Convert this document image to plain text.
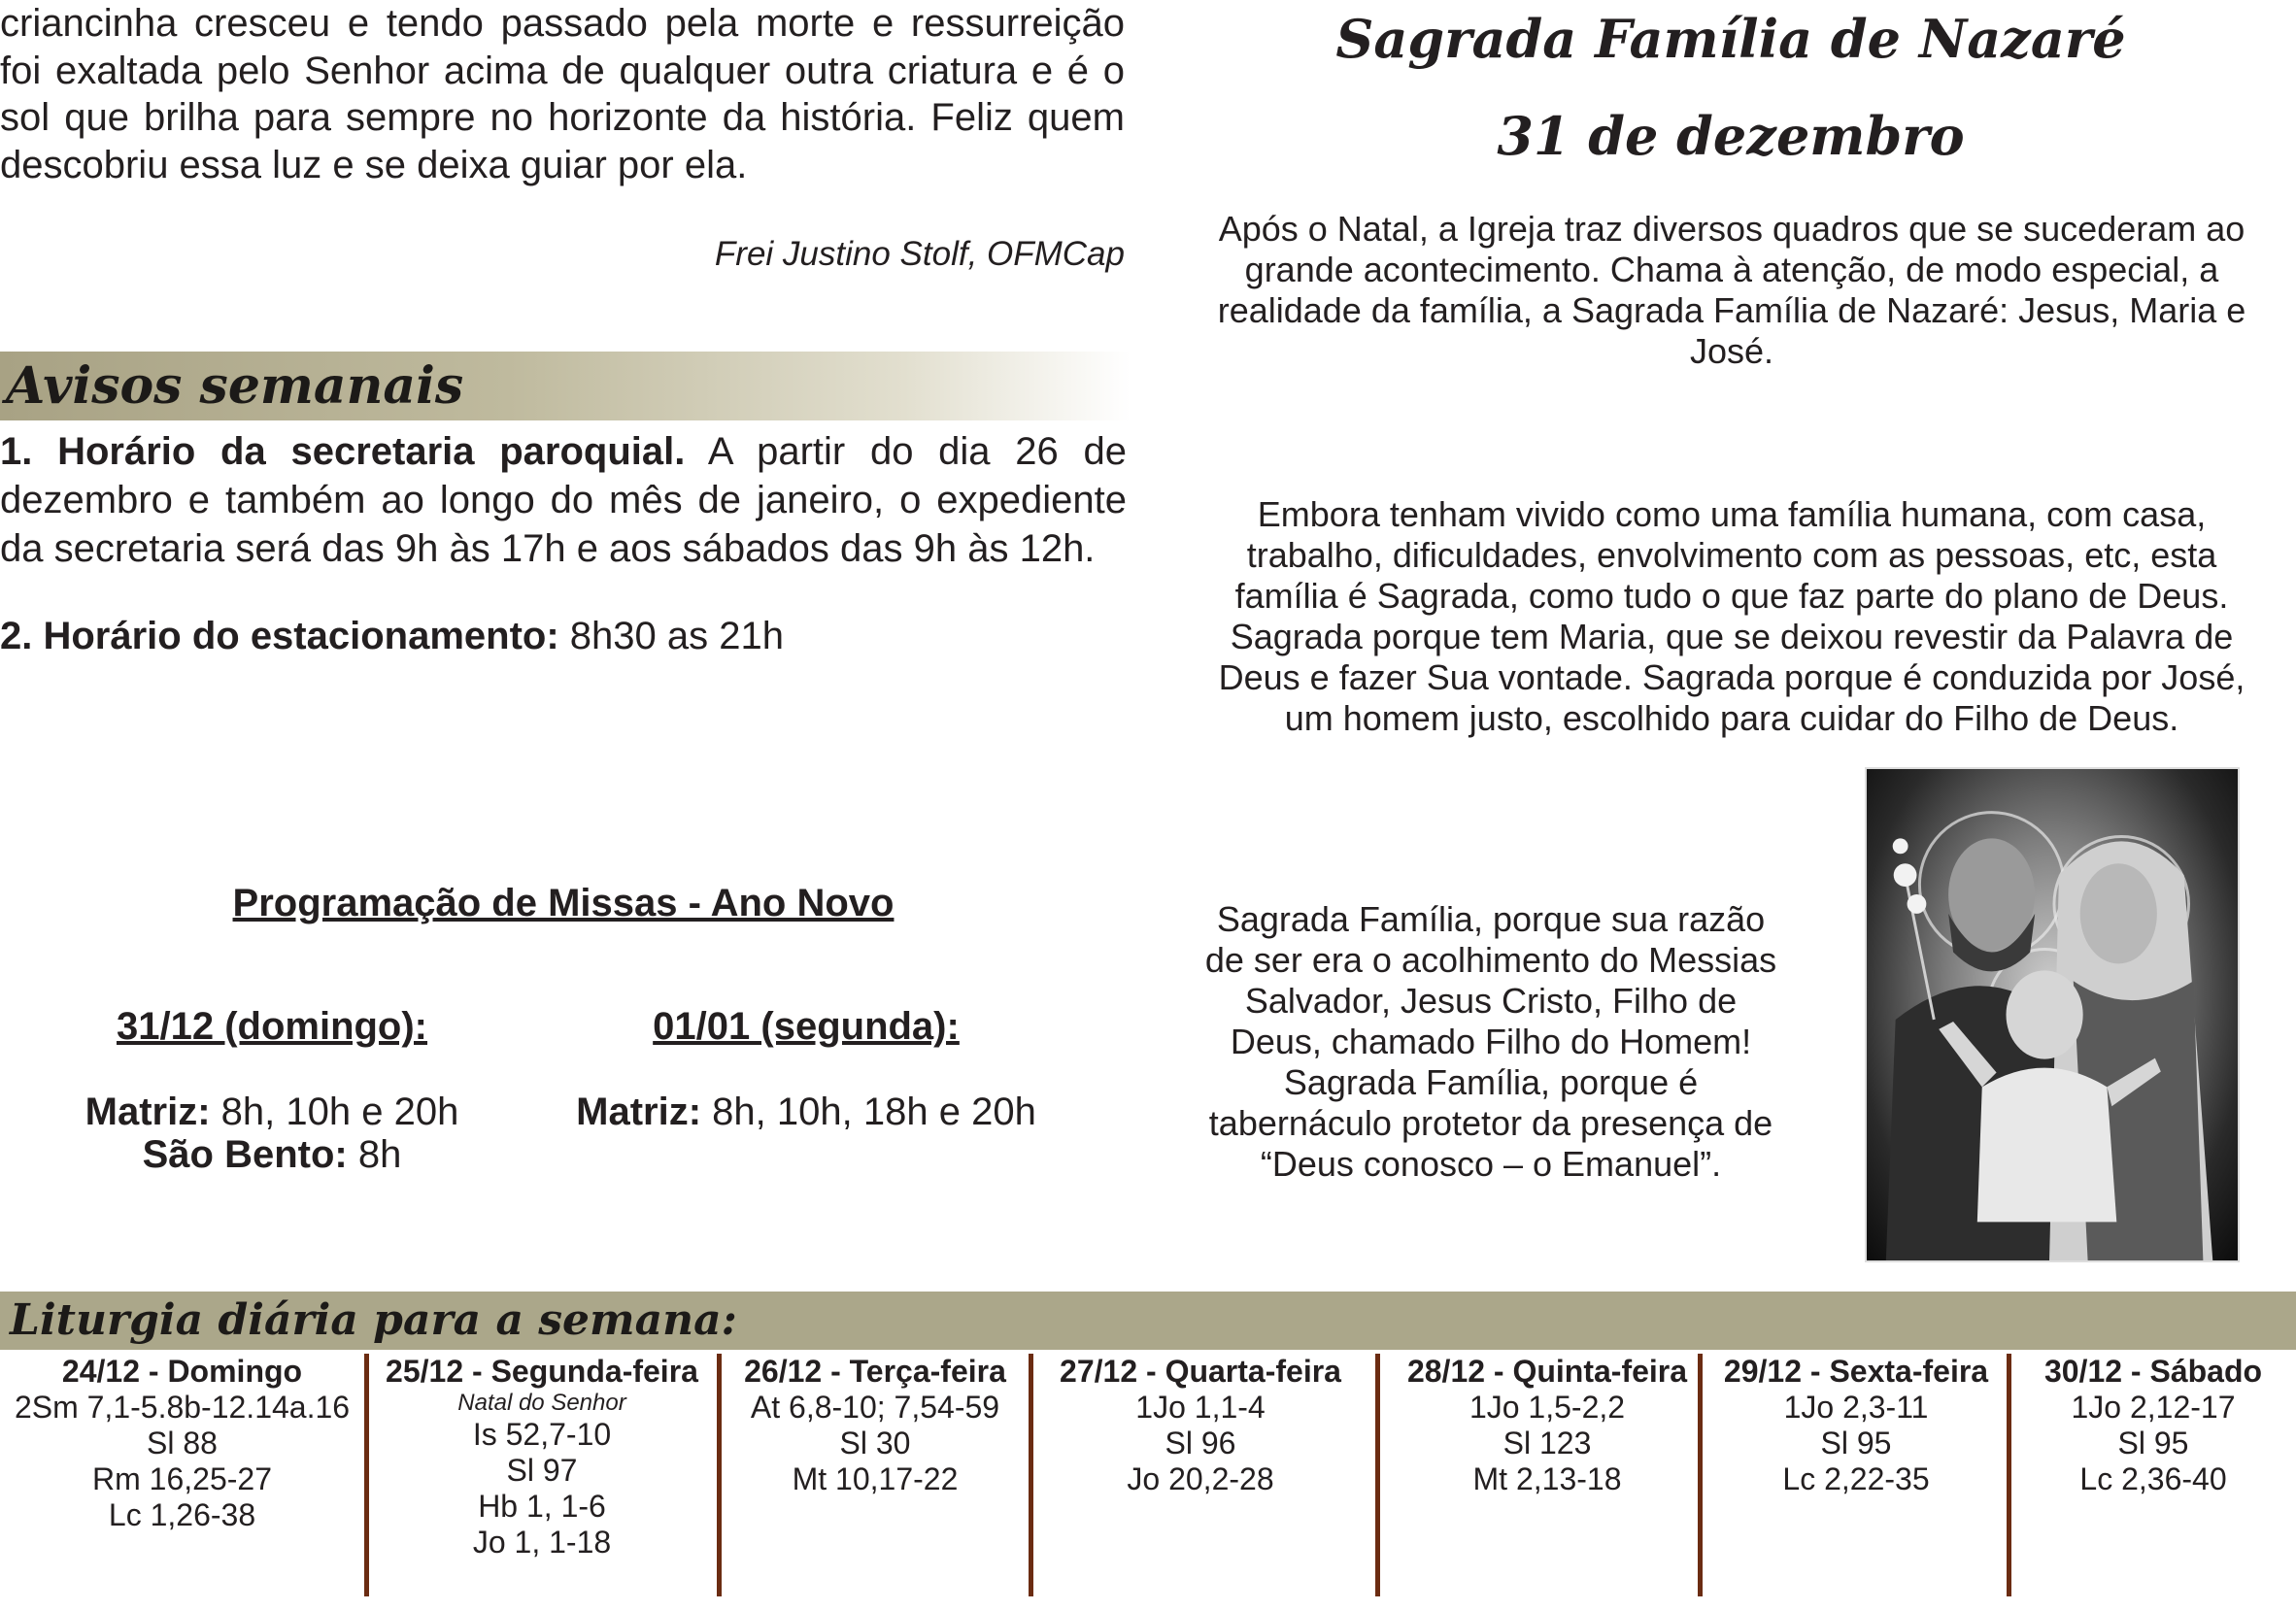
criancinha cresceu e tendo passado pela morte e ressurreição foi exaltada pelo Senhor acima de qualquer outra criatura e é o sol que brilha para sempre no horizonte da história. Feliz quem descobriu essa luz e se deixa guiar por ela.

Frei Justino Stolf, OFMCap

Avisos semanais

1. Horário da secretaria paroquial. A partir do dia 26 de dezembro e também ao longo do mês de janeiro, o expediente da secretaria será das 9h às 17h e aos sábados das 9h às 12h.

2. Horário do estacionamento: 8h30 as 21h

Programação de Missas - Ano Novo
31/12 (domingo):
Matriz: 8h, 10h e 20h
São Bento: 8h
01/01 (segunda):
Matriz: 8h, 10h, 18h e 20h
Sagrada Família de Nazaré
31 de dezembro

Após o Natal, a Igreja traz diversos quadros que se sucederam ao grande acontecimento. Chama à atenção, de modo especial, a realidade da família, a Sagrada Família de Nazaré: Jesus, Maria e José.

Embora tenham vivido como uma família humana, com casa, trabalho, dificuldades, envolvimento com as pessoas, etc, esta família é Sagrada, como tudo o que faz parte do plano de Deus. Sagrada porque tem Maria, que se deixou revestir da Palavra de Deus e fazer Sua vontade. Sagrada porque é conduzida por José, um homem justo, escolhido para cuidar do Filho de Deus.

Sagrada Família, porque sua razão de ser era o acolhimento do Messias Salvador, Jesus Cristo, Filho de Deus, chamado Filho do Homem! Sagrada Família, porque é tabernáculo protetor da presença de “Deus conosco – o Emanuel”.

Liturgia diária para a semana:
24/12 - Domingo
2Sm 7,1-5.8b-12.14a.16
Sl 88
Rm 16,25-27
Lc 1,26-38
25/12 - Segunda-feira
Natal do Senhor
Is 52,7-10
Sl 97
Hb 1, 1-6
Jo 1, 1-18
26/12 - Terça-feira
At 6,8-10; 7,54-59
Sl 30
Mt 10,17-22
27/12 - Quarta-feira
1Jo 1,1-4
Sl 96
Jo 20,2-28
28/12 - Quinta-feira
1Jo 1,5-2,2
Sl 123
Mt 2,13-18
29/12 - Sexta-feira
1Jo 2,3-11
Sl 95
Lc 2,22-35
30/12 - Sábado
1Jo 2,12-17
Sl 95
Lc 2,36-40
